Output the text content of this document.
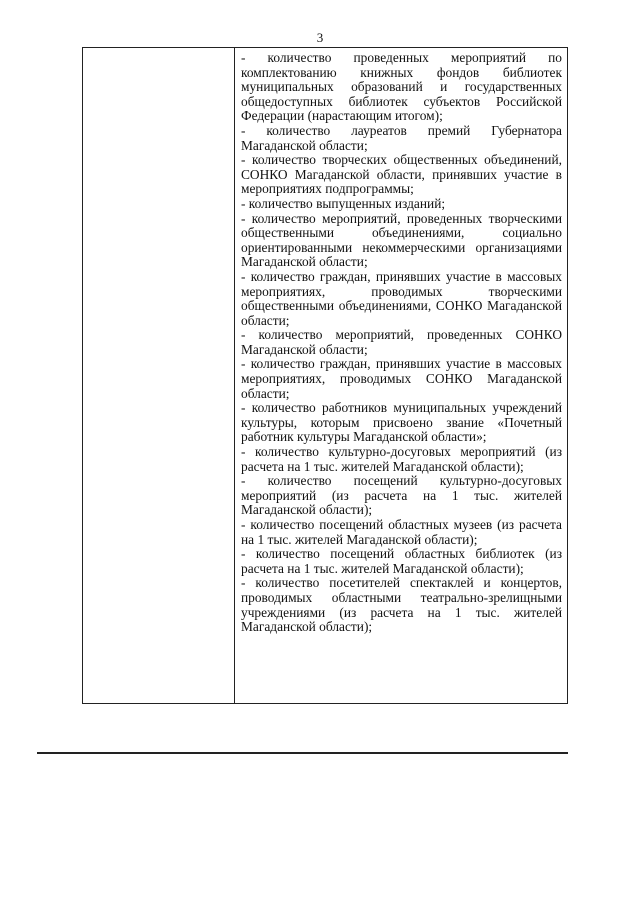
3

- количество проведенных мероприятий по комплектованию книжных фондов библиотек муниципальных образований и государственных общедоступных библиотек субъектов Российской Федерации (нарастающим итогом);

- количество лауреатов премий Губернатора Магаданской области;

- количество творческих общественных объединений, СОНКО Магаданской области, принявших участие в мероприятиях подпрограммы;

- количество выпущенных изданий;

- количество мероприятий, проведенных творческими общественными объединениями, социально ориентированными некоммерческими организациями Магаданской области;

- количество граждан, принявших участие в массовых мероприятиях, проводимых творческими общественными объединениями, СОНКО Магаданской области;

- количество мероприятий, проведенных СОНКО Магаданской области;

- количество граждан, принявших участие в массовых мероприятиях, проводимых СОНКО Магаданской области;

- количество работников муниципальных учреждений культуры, которым присвоено звание «Почетный работник культуры Магаданской области»;

- количество культурно-досуговых мероприятий (из расчета на 1 тыс. жителей Магаданской области);

- количество посещений культурно-досуговых мероприятий (из расчета на 1 тыс. жителей Магаданской области);

- количество посещений областных музеев (из расчета на 1 тыс. жителей Магаданской области);

- количество посещений областных библиотек (из расчета на 1 тыс. жителей Магаданской области);

- количество посетителей спектаклей и концертов, проводимых областными театрально-зрелищными учреждениями (из расчета на 1 тыс. жителей Магаданской области);
